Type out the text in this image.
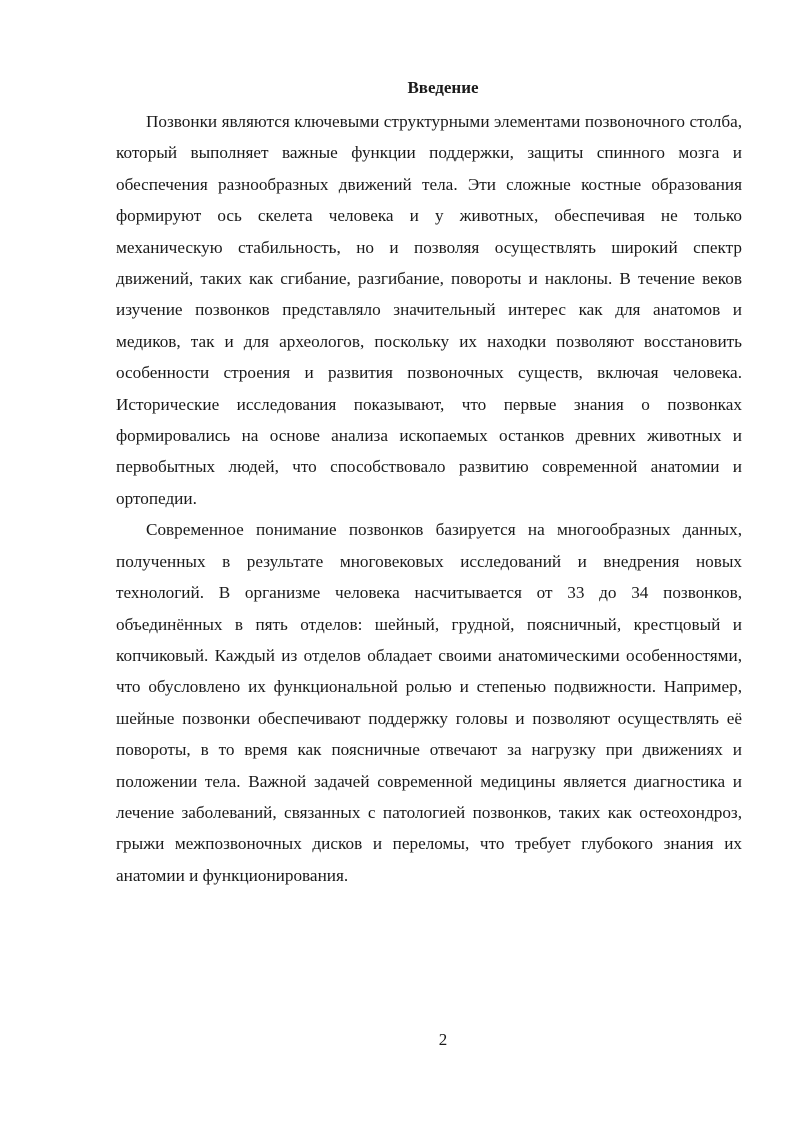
Введение

Позвонки являются ключевыми структурными элементами позвоночного столба, который выполняет важные функции поддержки, защиты спинного мозга и обеспечения разнообразных движений тела. Эти сложные костные образования формируют ось скелета человека и у животных, обеспечивая не только механическую стабильность, но и позволяя осуществлять широкий спектр движений, таких как сгибание, разгибание, повороты и наклоны. В течение веков изучение позвонков представляло значительный интерес как для анатомов и медиков, так и для археологов, поскольку их находки позволяют восстановить особенности строения и развития позвоночных существ, включая человека. Исторические исследования показывают, что первые знания о позвонках формировались на основе анализа ископаемых останков древних животных и первобытных людей, что способствовало развитию современной анатомии и ортопедии.

Современное понимание позвонков базируется на многообразных данных, полученных в результате многовековых исследований и внедрения новых технологий. В организме человека насчитывается от 33 до 34 позвонков, объединённых в пять отделов: шейный, грудной, поясничный, крестцовый и копчиковый. Каждый из отделов обладает своими анатомическими особенностями, что обусловлено их функциональной ролью и степенью подвижности. Например, шейные позвонки обеспечивают поддержку головы и позволяют осуществлять её повороты, в то время как поясничные отвечают за нагрузку при движениях и положении тела. Важной задачей современной медицины является диагностика и лечение заболеваний, связанных с патологией позвонков, таких как остеохондроз, грыжи межпозвоночных дисков и переломы, что требует глубокого знания их анатомии и функционирования.

2
